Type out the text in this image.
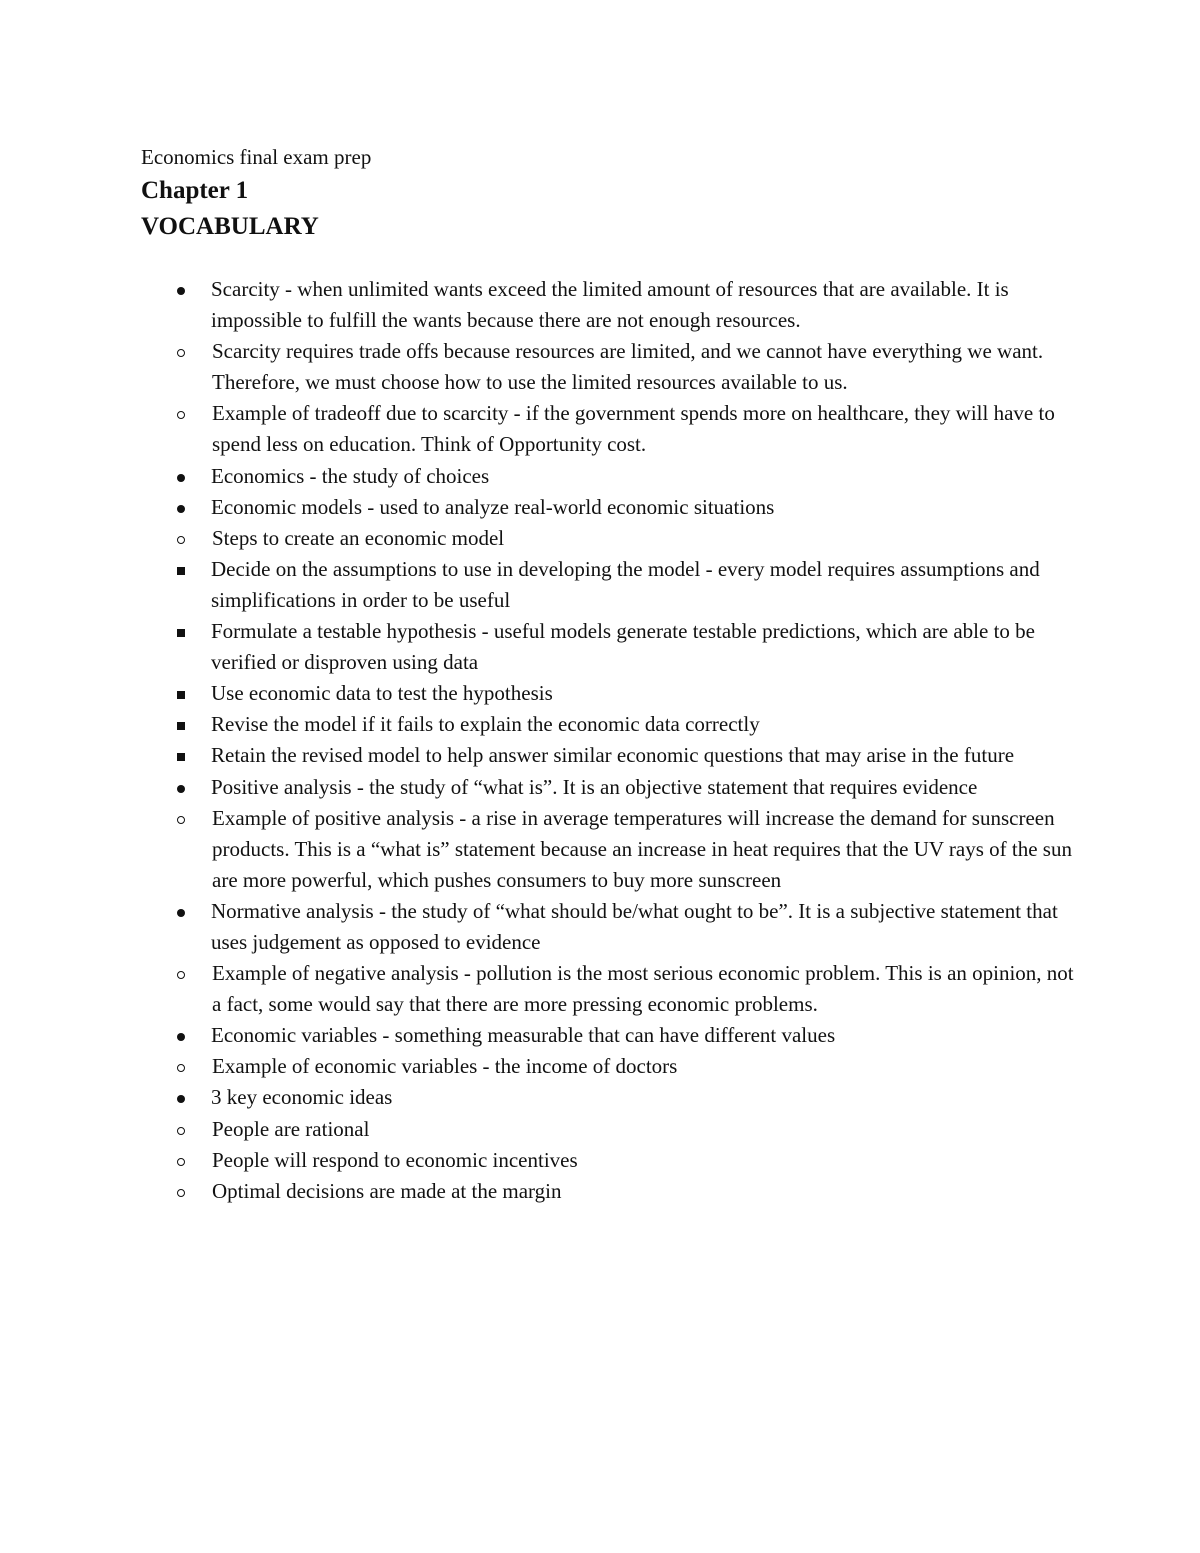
Economics final exam prep
Chapter 1
VOCABULARY
Scarcity - when unlimited wants exceed the limited amount of resources that are available. It is impossible to fulfill the wants because there are not enough resources.
Scarcity requires trade offs because resources are limited, and we cannot have everything we want. Therefore, we must choose how to use the limited resources available to us.
Example of tradeoff due to scarcity - if the government spends more on healthcare, they will have to spend less on education. Think of Opportunity cost.
Economics - the study of choices
Economic models - used to analyze real-world economic situations
Steps to create an economic model
Decide on the assumptions to use in developing the model - every model requires assumptions and simplifications in order to be useful
Formulate a testable hypothesis - useful models generate testable predictions, which are able to be verified or disproven using data
Use economic data to test the hypothesis
Revise the model if it fails to explain the economic data correctly
Retain the revised model to help answer similar economic questions that may arise in the future
Positive analysis - the study of “what is”. It is an objective statement that requires evidence
Example of positive analysis - a rise in average temperatures will increase the demand for sunscreen products. This is a “what is” statement because an increase in heat requires that the UV rays of the sun are more powerful, which pushes consumers to buy more sunscreen
Normative analysis - the study of “what should be/what ought to be”. It is a subjective statement that uses judgement as opposed to evidence
Example of negative analysis - pollution is the most serious economic problem. This is an opinion, not a fact, some would say that there are more pressing economic problems.
Economic variables - something measurable that can have different values
Example of economic variables - the income of doctors
3 key economic ideas
People are rational
People will respond to economic incentives
Optimal decisions are made at the margin
